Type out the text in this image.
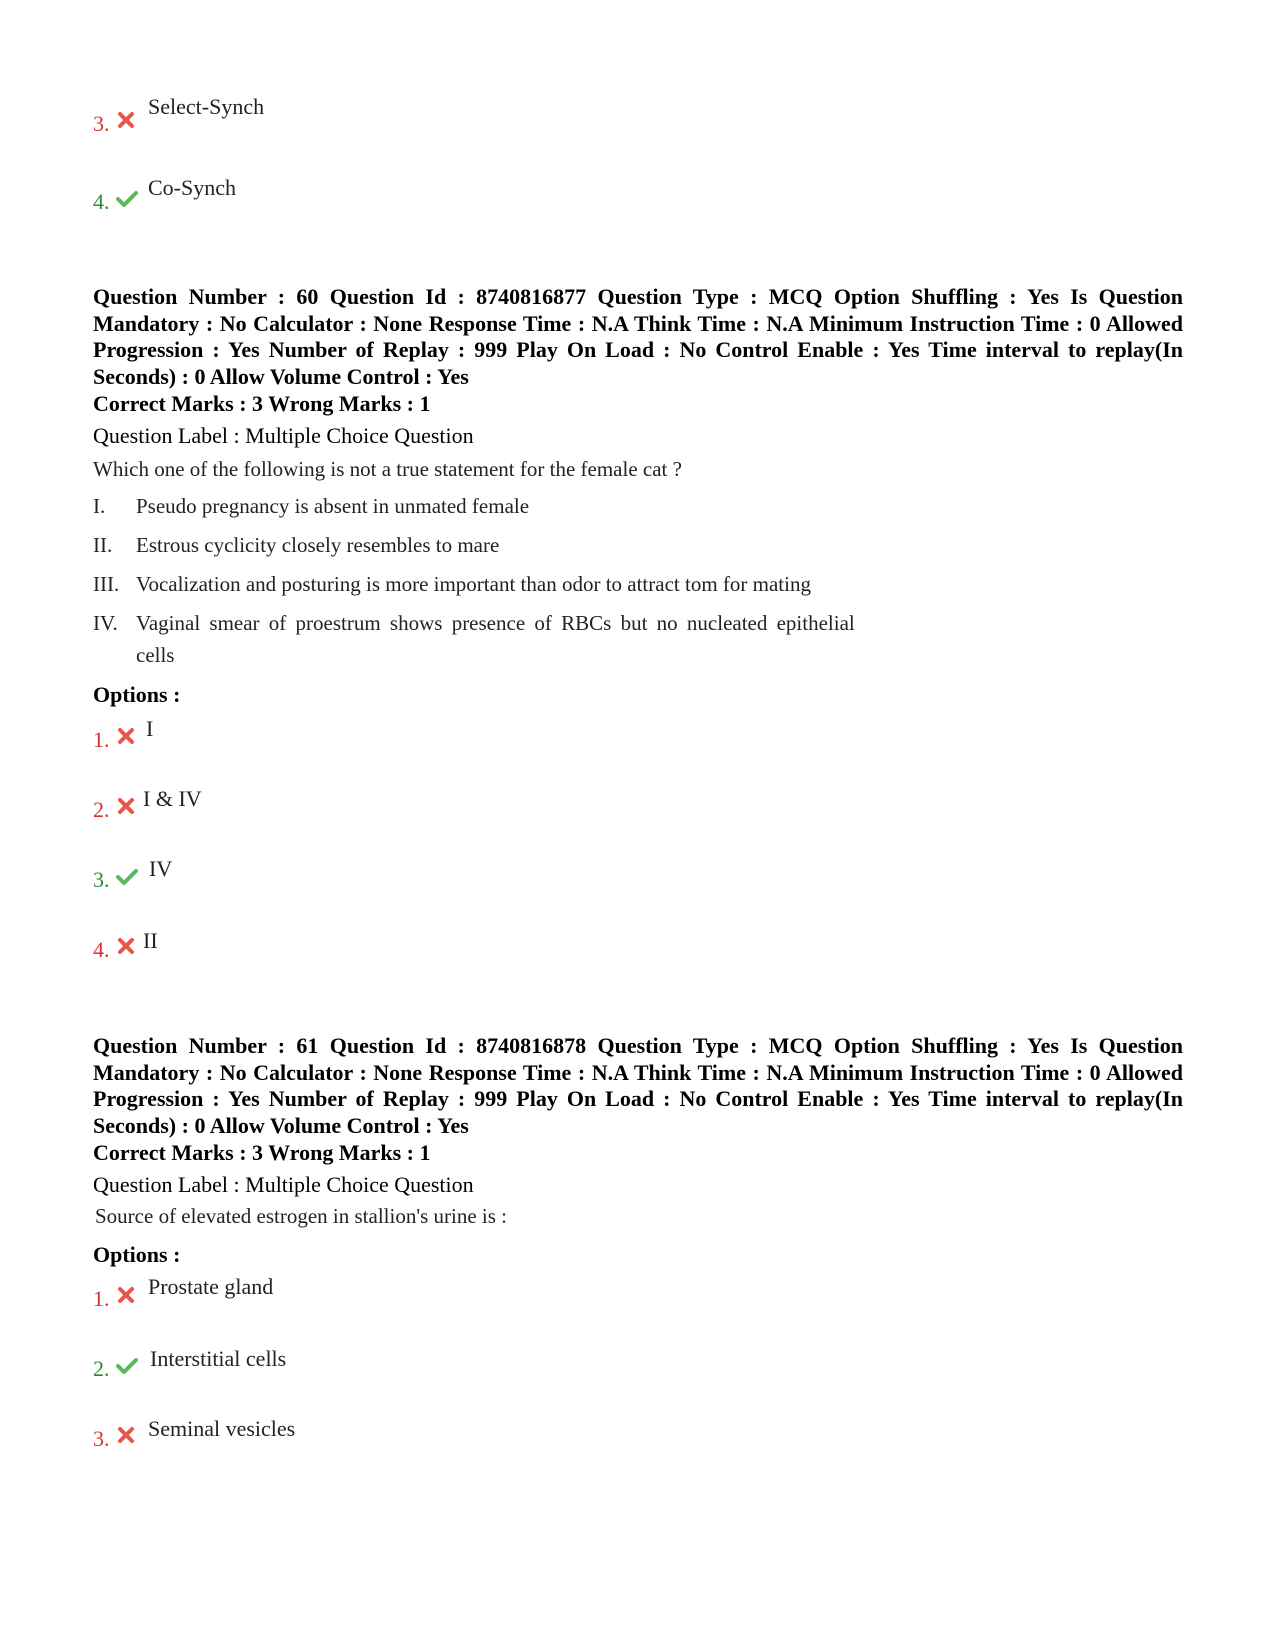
3.
Select-Synch
4.
Co-Synch
Question Number : 60 Question Id : 8740816877 Question Type : MCQ Option Shuffling : Yes Is Question Mandatory : No Calculator : None Response Time : N.A Think Time : N.A Minimum Instruction Time : 0 Allowed Progression : Yes Number of Replay : 999 Play On Load : No Control Enable : Yes Time interval to replay(In Seconds) : 0 Allow Volume Control : Yes
Correct Marks : 3 Wrong Marks : 1
Question Label : Multiple Choice Question
Which one of the following is not a true statement for the female cat ?
I. Pseudo pregnancy is absent in unmated female
II. Estrous cyclicity closely resembles to mare
III. Vocalization and posturing is more important than odor to attract tom for mating
IV. Vaginal smear of proestrum shows presence of RBCs but no nucleated epithelial
cells
Options :
1. I
2. I & IV
3. IV
4. II
Question Number : 61 Question Id : 8740816878 Question Type : MCQ Option Shuffling : Yes Is Question Mandatory : No Calculator : None Response Time : N.A Think Time : N.A Minimum Instruction Time : 0 Allowed Progression : Yes Number of Replay : 999 Play On Load : No Control Enable : Yes Time interval to replay(In Seconds) : 0 Allow Volume Control : Yes
Correct Marks : 3 Wrong Marks : 1
Question Label : Multiple Choice Question
Source of elevated estrogen in stallion's urine is :
Options :
1. Prostate gland
2. Interstitial cells
3. Seminal vesicles
